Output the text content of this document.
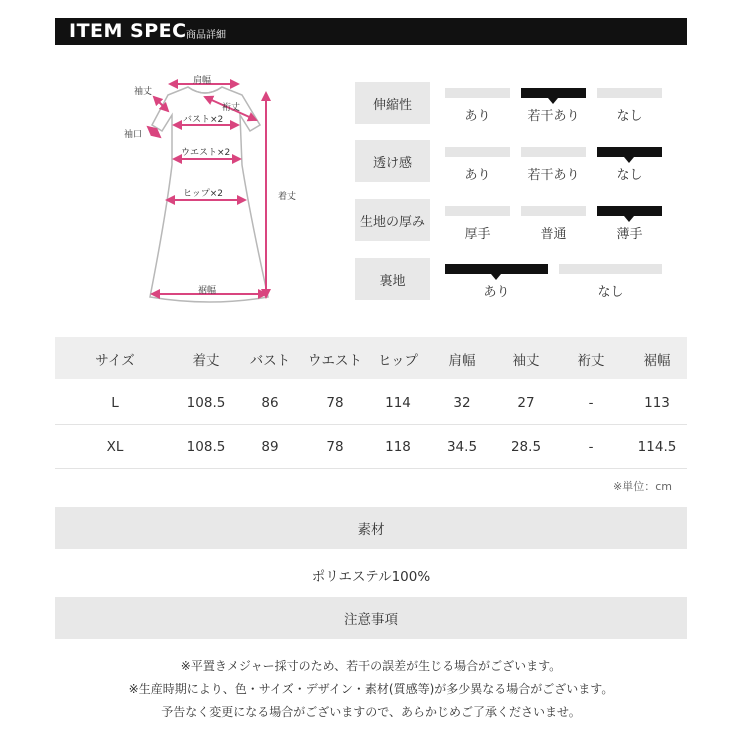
ITEM SPEC 商品詳細
袖丈
肩幅
裄丈
バスト×2
袖口
ウエスト×2
ヒップ×2	着丈
裾幅
伸縮性
あり	若干あり	なし
透け感
あり	若干あり	なし
生地の厚み
厚手	普通	薄手
裏地
あり	なし
サイズ	着丈	バスト	ウエスト	ヒップ	肩幅	袖丈	裄丈	裾幅
L	108.5	86	78	114	32	27	-	113
XL	108.5	89	78	118	34.5	28.5	-	114.5
※単位：cm
素材
ポリエステル100%
注意事項
※平置きメジャー採寸のため、若干の誤差が生じる場合がございます。
※生産時期により、色・サイズ・デザイン・素材(質感等)が多少異なる場合がございます。
予告なく変更になる場合がございますので、あらかじめご了承くださいませ。
